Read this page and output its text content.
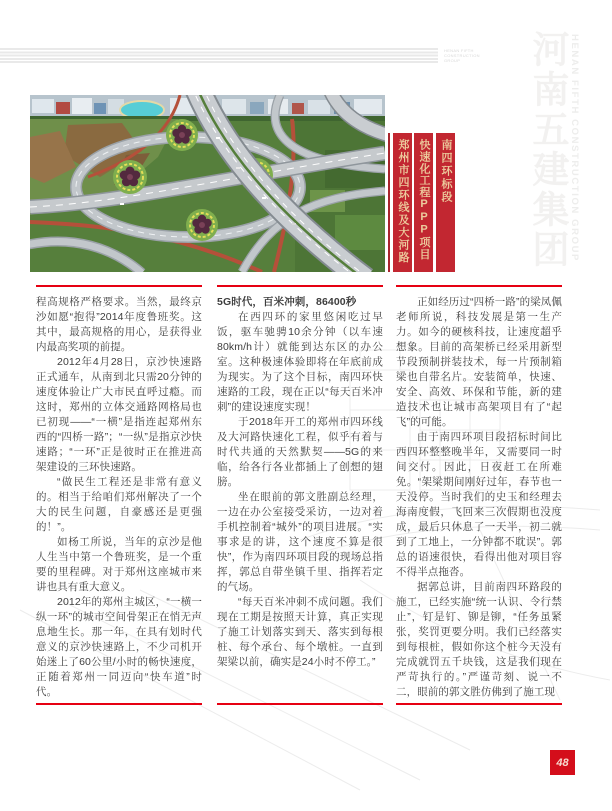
HENAN FIFTH CONSTRUCTION GROUP	河南五建集团 HENAN FIFTH CONSTRUCTION GROUP
郑州市四环线及大河路 快速化工程PPP项目 南四环标段

程高规格严格要求。当然，最终京沙如愿“抱得”2014年度鲁班奖。这其中，最高规格的用心，是获得业内最高奖项的前提。

2012年4月28日，京沙快速路正式通车，从南到北只需20分钟的速度体验让广大市民直呼过瘾。而这时，郑州的立体交通路网格局也已初现——“一横”是指连起郑州东西的“四桥一路”；“一纵”是指京沙快速路；“一环”正是彼时正在推进高架建设的三环快速路。

“做民生工程还是非常有意义的。相当于给咱们郑州解决了一个大的民生问题，自豪感还是更强的！”。

如杨工所说，当年的京沙是他人生当中第一个鲁班奖，是一个重要的里程碑。对于郑州这座城市来讲也具有重大意义。

2012年的郑州主城区，“一横一纵一环”的城市空间骨架正在悄无声息地生长。那一年，在具有划时代意义的京沙快速路上，不少司机开始迷上了60公里/小时的畅快速度，正随着郑州一同迈向“快车道”时代。

5G时代，百米冲刺，86400秒

在西四环的家里悠闲吃过早饭，驱车驰骋10余分钟（以车速80km/h计）就能到达东区的办公室。这种极速体验即将在年底前成为现实。为了这个目标，南四环快速路的工段，现在正以“每天百米冲刺”的建设速度实现！

于2018年开工的郑州市四环线及大河路快速化工程，似乎有着与时代共通的天然默契——5G的来临，给各行各业都插上了创想的翅膀。

坐在眼前的郭文胜副总经理，一边在办公室接受采访，一边对着手机控制着“城外”的项目进展。“实事求是的讲，这个速度不算是很快”，作为南四环项目段的现场总指挥，郭总自带坐镇千里、指挥若定的气场。

“每天百米冲刺不成问题。我们现在工期是按照天计算，真正实现了施工计划落实到天、落实到每根桩、每个承台、每个墩桩。一直到架梁以前，确实是24小时不停工。”

正如经历过“四桥一路”的梁凤佩老师所说，科技发展是第一生产力。如今的硬核科技，让速度超乎想象。目前的高架桥已经采用新型节段预制拼装技术，每一片预制箱梁也自带名片。安装简单，快速、安全、高效、环保和节能，新的建造技术也让城市高架项目有了“起飞”的可能。

由于南四环项目段招标时间比西四环整整晚半年，又需要同一时间交付。因此，日夜赶工在所难免。“架梁期间刚好过年，春节也一天没停。当时我们的史玉和经理去海南度假，飞回来三次假期也没度成，最后只休息了一天半，初二就到了工地上，一分钟都不耽误”。郭总的语速很快，看得出他对项目容不得半点拖沓。

据郭总讲，目前南四环路段的施工，已经实施“统一认识、令行禁止”，钉是钉、铆是铆，“任务虽紧张，奖罚更要分明。我们已经落实到每根桩，假如你这个桩今天没有完成就罚五千块钱，这是我们现在严苛执行的。”严谨苛刻、说一不二，眼前的郭文胜仿佛到了施工现

48
